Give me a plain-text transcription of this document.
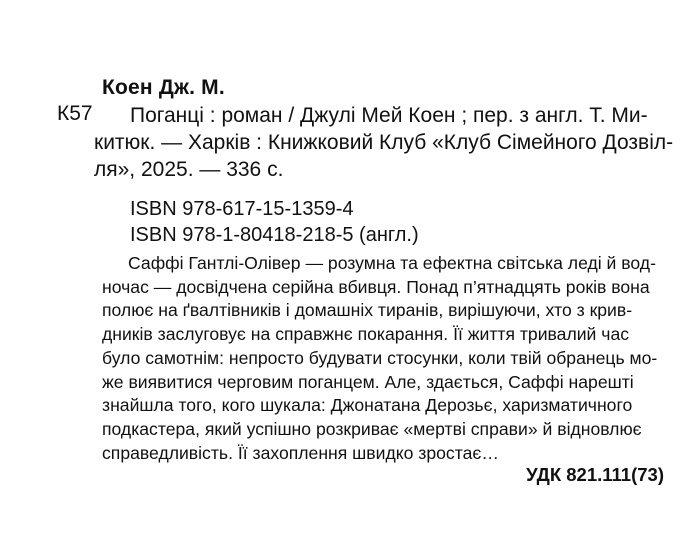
Коен Дж. М.
К57	Поганці : роман / Джулі Мей Коен ; пер. з англ. Т. Ми-
китюк. — Харків : Книжковий Клуб «Клуб Сімейного Дозвіл-
ля», 2025. — 336 с.
ISBN 978-617-15-1359-4
ISBN 978-1-80418-218-5 (англ.)
Саффі Гантлі-Олівер — розумна та ефектна світська леді й вод-
ночас — досвідчена серійна вбивця. Понад п’ятнадцять років вона
полює на ґвалтівників і домашніх тиранів, вирішуючи, хто з крив-
дників заслуговує на справжнє покарання. Її життя тривалий час
було самотнім: непросто будувати стосунки, коли твій обранець мо-
же виявитися черговим поганцем. Але, здається, Саффі нарешті
знайшла того, кого шукала: Джонатана Дерозьє, харизматичного
подкастера, який успішно розкриває «мертві справи» й відновлює
справедливість. Її захоплення швидко зростає…
УДК 821.111(73)
